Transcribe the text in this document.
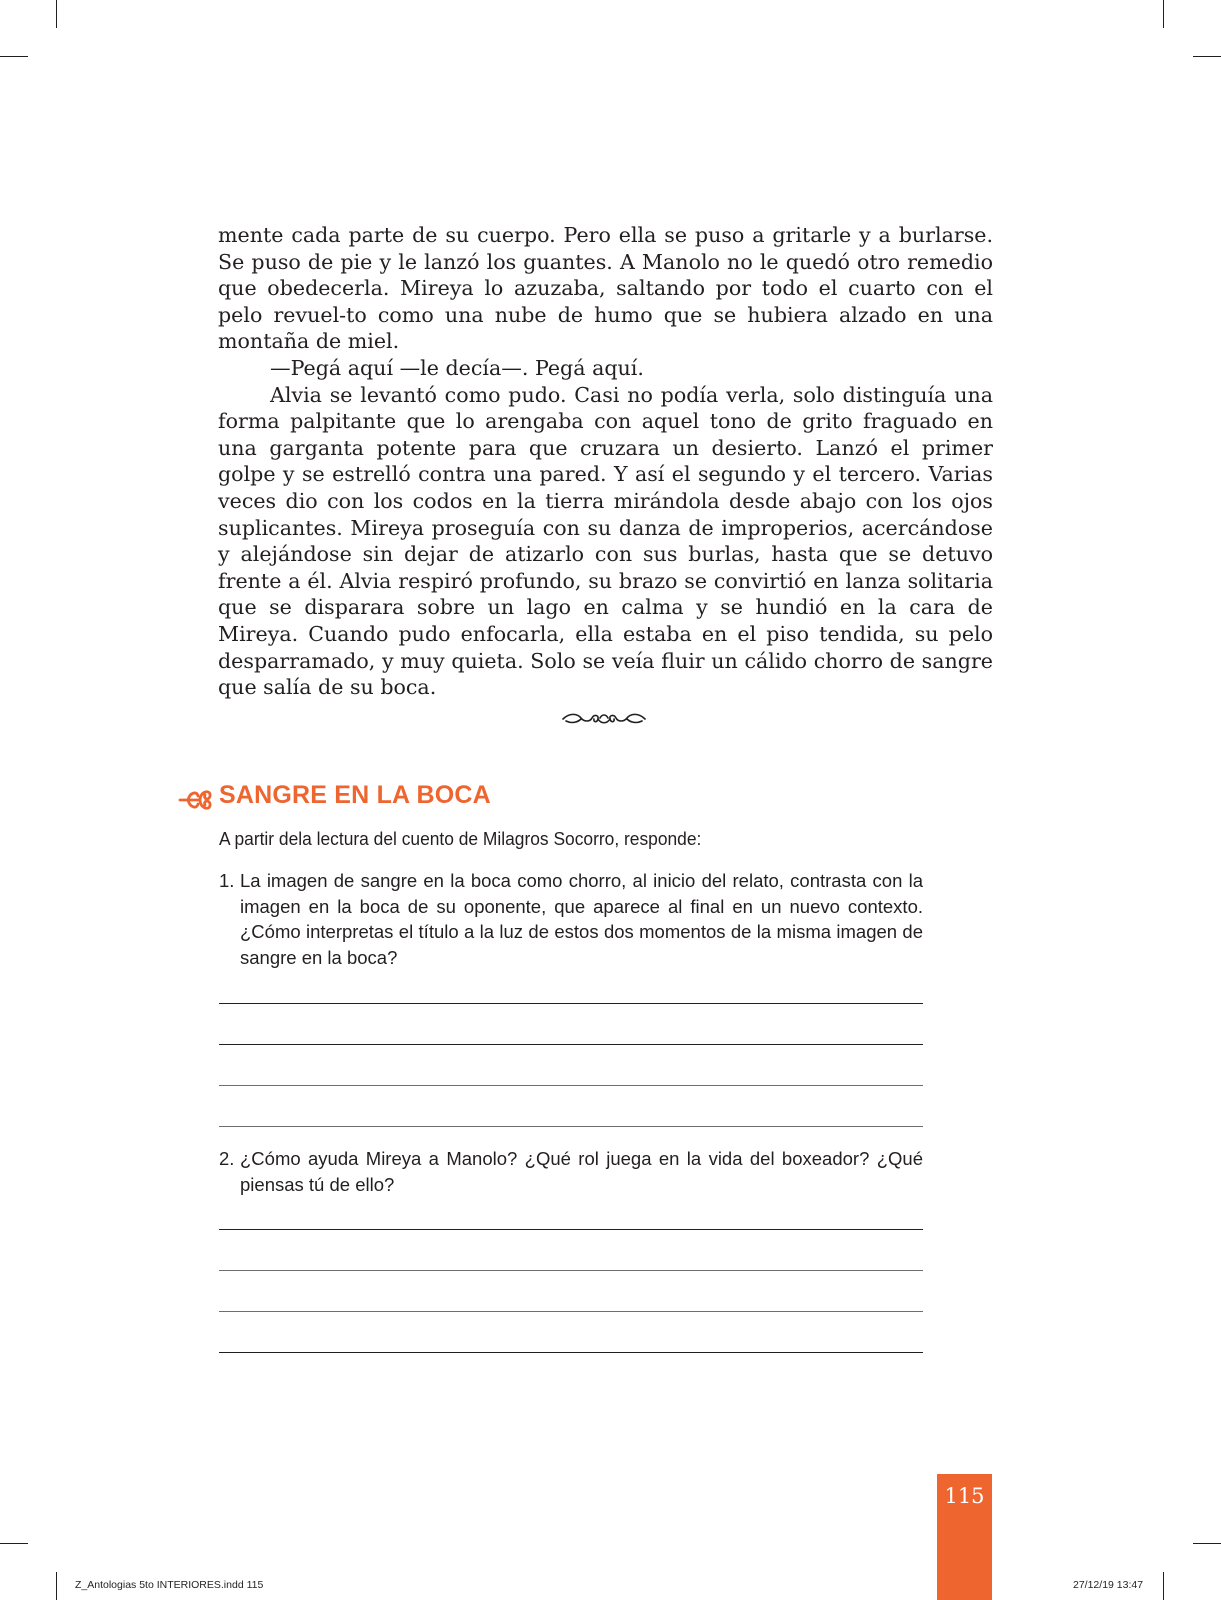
mente cada parte de su cuerpo. Pero ella se puso a gritarle y a burlarse. Se puso de pie y le lanzó los guantes. A Manolo no le quedó otro remedio que obedecerla. Mireya lo azuzaba, saltando por todo el cuarto con el pelo revuel-to como una nube de humo que se hubiera alzado en una montaña de miel.

—Pegá aquí —le decía—. Pegá aquí.

Alvia se levantó como pudo. Casi no podía verla, solo distinguía una forma palpitante que lo arengaba con aquel tono de grito fraguado en una garganta potente para que cruzara un desierto. Lanzó el primer golpe y se estrelló contra una pared. Y así el segundo y el tercero. Varias veces dio con los codos en la tierra mirándola desde abajo con los ojos suplicantes. Mireya proseguía con su danza de improperios, acercándose y alejándose sin dejar de atizarlo con sus burlas, hasta que se detuvo frente a él. Alvia respiró profundo, su brazo se convirtió en lanza solitaria que se disparara sobre un lago en calma y se hundió en la cara de Mireya. Cuando pudo enfocarla, ella estaba en el piso tendida, su pelo desparramado, y muy quieta. Solo se veía fluir un cálido chorro de sangre que salía de su boca.

SANGRE EN LA BOCA

A partir dela lectura del cuento de Milagros Socorro, responde:

1. La imagen de sangre en la boca como chorro, al inicio del relato, contrasta con la imagen en la boca de su oponente, que aparece al final en un nuevo contexto. ¿Cómo interpretas el título a la luz de estos dos momentos de la misma imagen de sangre en la boca?
2. ¿Cómo ayuda Mireya a Manolo? ¿Qué rol juega en la vida del boxeador? ¿Qué piensas tú de ello?
115
Z_Antologias 5to INTERIORES.indd 115	27/12/19 13:47
